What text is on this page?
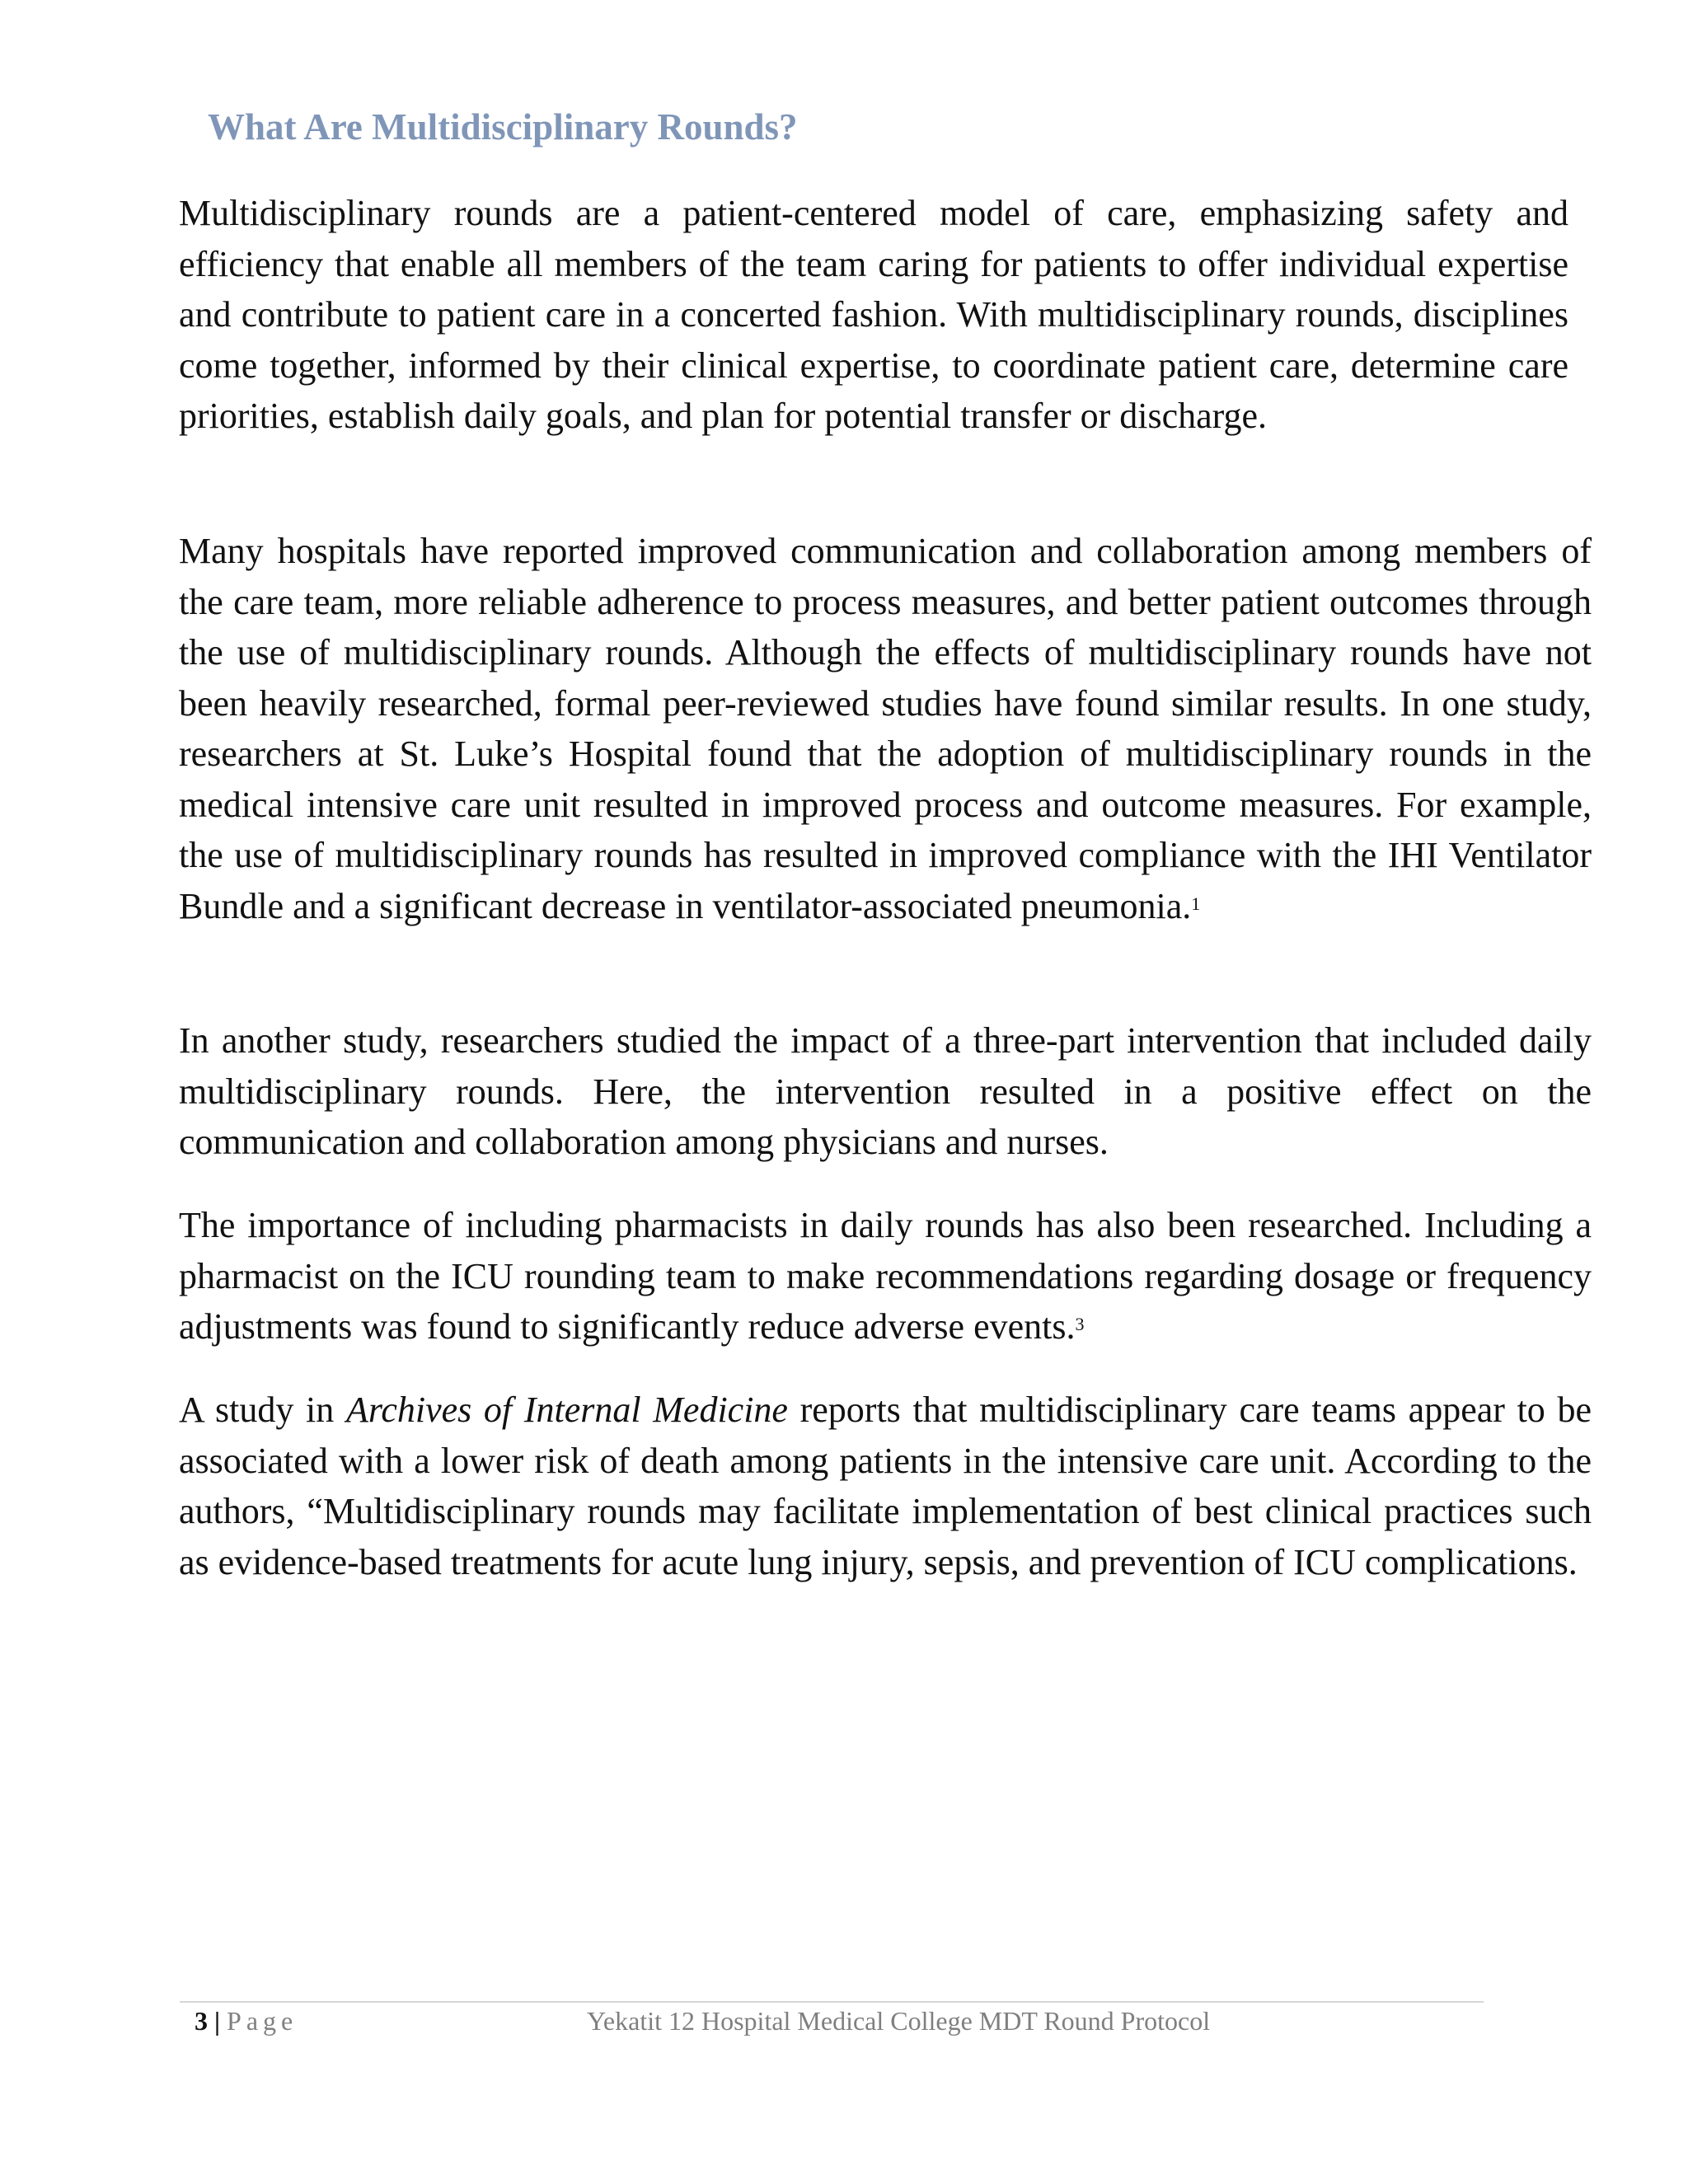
What Are Multidisciplinary Rounds?

Multidisciplinary rounds are a patient-centered model of care, emphasizing safety and efficiency that enable all members of the team caring for patients to offer individual expertise and contribute to patient care in a concerted fashion. With multidisciplinary rounds, disciplines come together, informed by their clinical expertise, to coordinate patient care, determine care priorities, establish daily goals, and plan for potential transfer or discharge.

Many hospitals have reported improved communication and collaboration among members of the care team, more reliable adherence to process measures, and better patient outcomes through the use of multidisciplinary rounds. Although the effects of multidisciplinary rounds have not been heavily researched, formal peer-reviewed studies have found similar results. In one study, researchers at St. Luke’s Hospital found that the adoption of multidisciplinary rounds in the medical intensive care unit resulted in improved process and outcome measures. For example, the use of multidisciplinary rounds has resulted in improved compliance with the IHI Ventilator Bundle and a significant decrease in ventilator-associated pneumonia.$^1$

In another study, researchers studied the impact of a three-part intervention that included daily multidisciplinary rounds. Here, the intervention resulted in a positive effect on the communication and collaboration among physicians and nurses.

The importance of including pharmacists in daily rounds has also been researched. Including a pharmacist on the ICU rounding team to make recommendations regarding dosage or frequency adjustments was found to significantly reduce adverse events.$^3$

A study in Archives of Internal Medicine reports that multidisciplinary care teams appear to be associated with a lower risk of death among patients in the intensive care unit. According to the authors, “Multidisciplinary rounds may facilitate implementation of best clinical practices such as evidence-based treatments for acute lung injury, sepsis, and prevention of ICU complications.

3 | Page	Yekatit 12 Hospital Medical College MDT Round Protocol
